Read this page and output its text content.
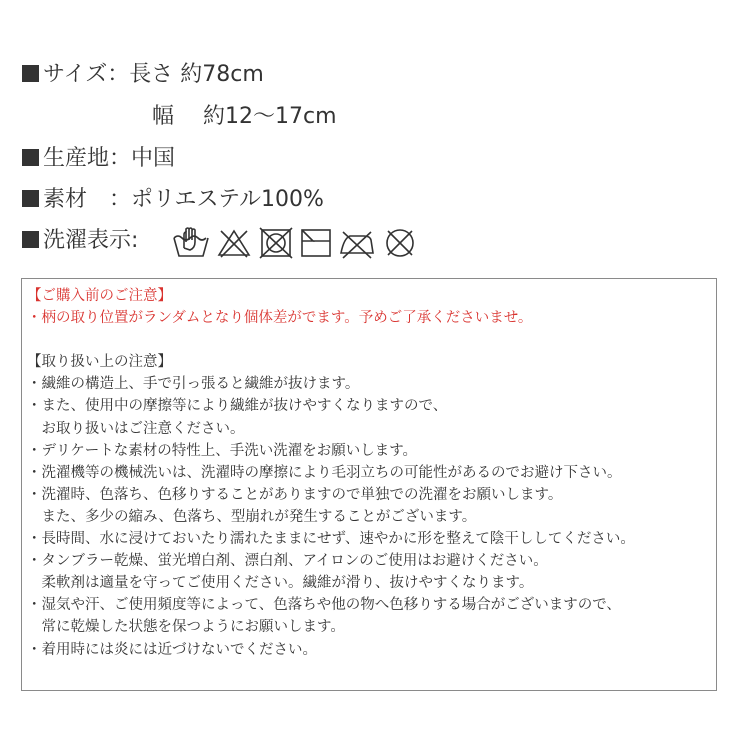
サイズ：長さ 約78cm
幅　 約12〜17cm
生産地：中国
素材　：ポリエステル100%
洗濯表示:

【ご購入前のご注意】

・柄の取り位置がランダムとなり個体差がでます。予めご了承くださいませ。

【取り扱い上の注意】

・繊維の構造上、手で引っ張ると繊維が抜けます。

・また、使用中の摩擦等により繊維が抜けやすくなりますので、

　お取り扱いはご注意ください。

・デリケートな素材の特性上、手洗い洗濯をお願いします。

・洗濯機等の機械洗いは、洗濯時の摩擦により毛羽立ちの可能性があるのでお避け下さい。

・洗濯時、色落ち、色移りすることがありますので単独での洗濯をお願いします。

　また、多少の縮み、色落ち、型崩れが発生することがございます。

・長時間、水に浸けておいたり濡れたままにせず、速やかに形を整えて陰干ししてください。

・タンブラー乾燥、蛍光増白剤、漂白剤、アイロンのご使用はお避けください。

　柔軟剤は適量を守ってご使用ください。繊維が滑り、抜けやすくなります。

・湿気や汗、ご使用頻度等によって、色落ちや他の物へ色移りする場合がございますので、

　常に乾燥した状態を保つようにお願いします。

・着用時には炎には近づけないでください。
